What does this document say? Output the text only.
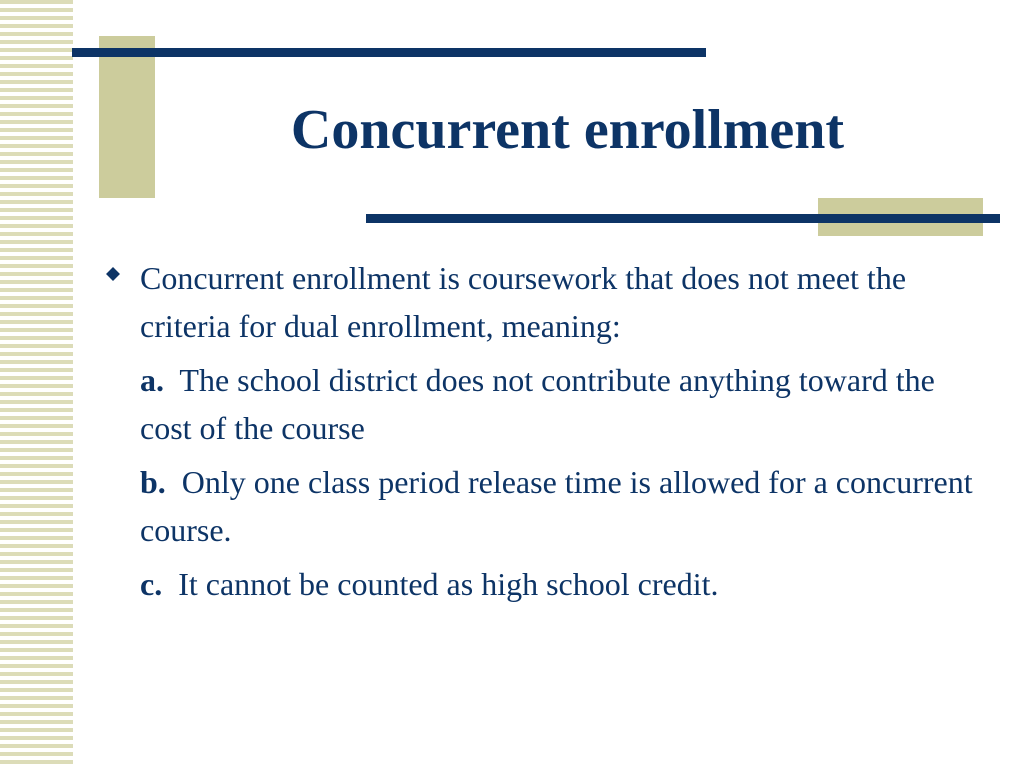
Concurrent enrollment
Concurrent enrollment is coursework that does not meet the criteria for dual enrollment, meaning:
a. The school district does not contribute anything toward the cost of the course
b. Only one class period release time is allowed for a concurrent course.
c. It cannot be counted as high school credit.
